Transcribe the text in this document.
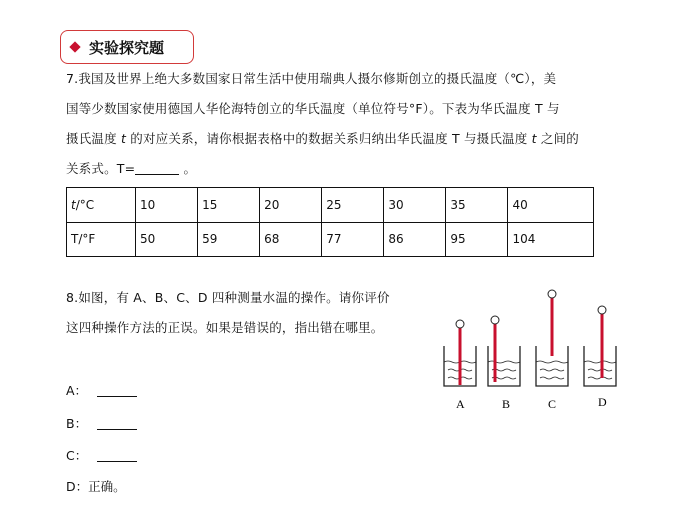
实验探究题
7.我国及世界上绝大多数国家日常生活中使用瑞典人摄尔修斯创立的摄氏温度（℃），美
国等少数国家使用德国人华伦海特创立的华氏温度（单位符号°F）。下表为华氏温度 T 与
摄氏温度 t 的对应关系，请你根据表格中的数据关系归纳出华氏温度 T 与摄氏温度 t 之间的
关系式。T=	。
t/°C	10	15	20	25	30	35	40
T/°F	50	59	68	77	86	95	104
8.如图，有 A、B、C、D 四种测量水温的操作。请你评价
这四种操作方法的正误。如果是错误的，指出错在哪里。
A：
B：
C：
D：正确。
A	B	C	D
